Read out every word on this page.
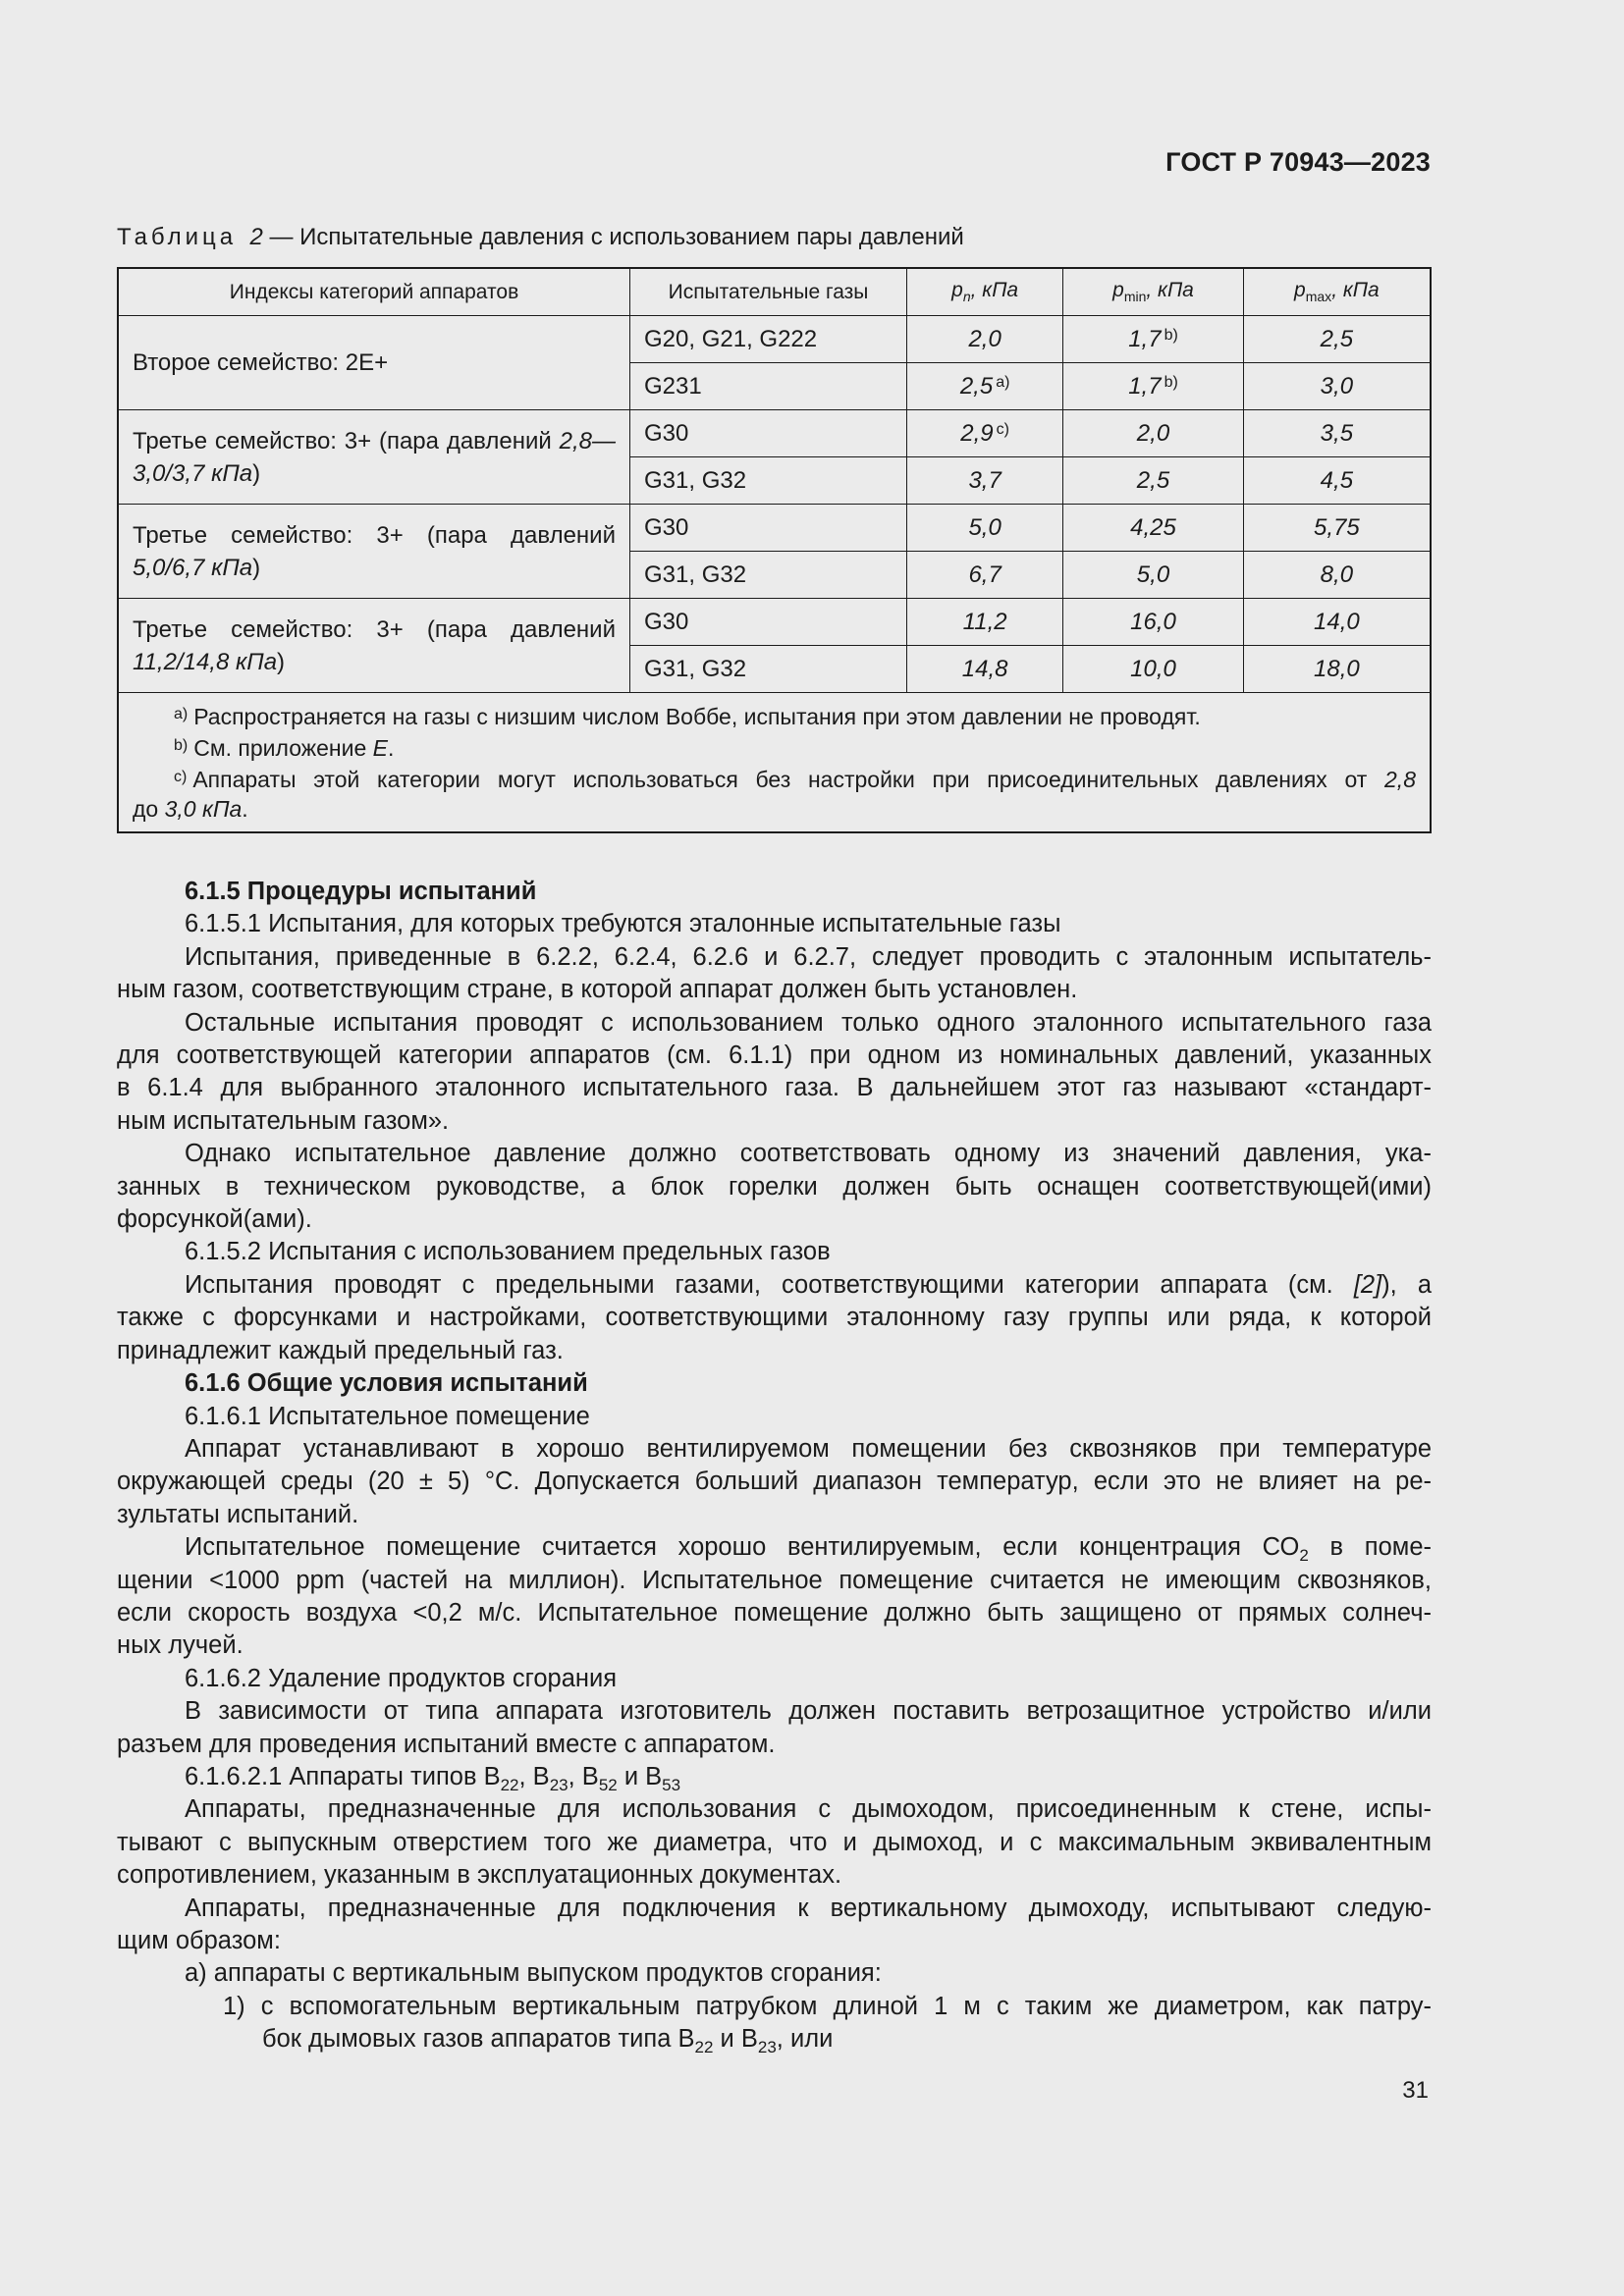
ГОСТ Р 70943—2023
Таблица 2 — Испытательные давления с использованием пары давлений
Индексы категорий аппаратов	Испытательные газы	$p_n$, кПа	$p_{min}$, кПа	$p_{max}$, кПа
Второе семейство: 2Е+	G20, G21, G222	2,0	1,7 $^{b)}$	2,5
	G231	2,5 $^{a)}$	1,7 $^{b)}$	3,0
Третье семейство: 3+ (пара давлений 2,8—3,0/3,7 кПа)	G30	2,9 $^{c)}$	2,0	3,5
	G31, G32	3,7	2,5	4,5
Третье семейство: 3+ (пара давлений 5,0/6,7 кПа)	G30	5,0	4,25	5,75
	G31, G32	6,7	5,0	8,0
Третье семейство: 3+ (пара давлений 11,2/14,8 кПа)	G30	11,2	16,0	14,0
	G31, G32	14,8	10,0	18,0

$^{a)}$ Распространяется на газы с низшим числом Воббе, испытания при этом давлении не проводят.
$^{b)}$ См. приложение Е.
$^{c)}$ Аппараты этой категории могут использоваться без настройки при присоединительных давлениях от 2,8
до 3,0 кПа.				

6.1.5 Процедуры испытаний

6.1.5.1 Испытания, для которых требуются эталонные испытательные газы

Испытания, приведенные в 6.2.2, 6.2.4, 6.2.6 и 6.2.7, следует проводить с эталонным испытатель-

ным газом, соответствующим стране, в которой аппарат должен быть установлен.

Остальные испытания проводят с использованием только одного эталонного испытательного газа

для соответствующей категории аппаратов (см. 6.1.1) при одном из номинальных давлений, указанных

в 6.1.4 для выбранного эталонного испытательного газа. В дальнейшем этот газ называют «стандарт-

ным испытательным газом».

Однако испытательное давление должно соответствовать одному из значений давления, ука-

занных в техническом руководстве, а блок горелки должен быть оснащен соответствующей(ими)

форсункой(ами).

6.1.5.2 Испытания с использованием предельных газов

Испытания проводят с предельными газами, соответствующими категории аппарата (см. [2]), а

также с форсунками и настройками, соответствующими эталонному газу группы или ряда, к которой

принадлежит каждый предельный газ.

6.1.6 Общие условия испытаний

6.1.6.1 Испытательное помещение

Аппарат устанавливают в хорошо вентилируемом помещении без сквозняков при температуре

окружающей среды (20 ± 5) °С. Допускается больший диапазон температур, если это не влияет на ре-

зультаты испытаний.

Испытательное помещение считается хорошо вентилируемым, если концентрация $СО_2$ в поме-

щении <1000 ppm (частей на миллион). Испытательное помещение считается не имеющим сквозняков,

если скорость воздуха <0,2 м/с. Испытательное помещение должно быть защищено от прямых солнеч-

ных лучей.

6.1.6.2 Удаление продуктов сгорания

В зависимости от типа аппарата изготовитель должен поставить ветрозащитное устройство и/или

разъем для проведения испытаний вместе с аппаратом.

6.1.6.2.1 Аппараты типов $В_{22}$, $В_{23}$, $В_{52}$ и $В_{53}$

Аппараты, предназначенные для использования с дымоходом, присоединенным к стене, испы-

тывают с выпускным отверстием того же диаметра, что и дымоход, и с максимальным эквивалентным

сопротивлением, указанным в эксплуатационных документах.

Аппараты, предназначенные для подключения к вертикальному дымоходу, испытывают следую-

щим образом:

а) аппараты с вертикальным выпуском продуктов сгорания:

1) с вспомогательным вертикальным патрубком длиной 1 м с таким же диаметром, как патру-

бок дымовых газов аппаратов типа $В_{22}$ и $В_{23}$, или

31
